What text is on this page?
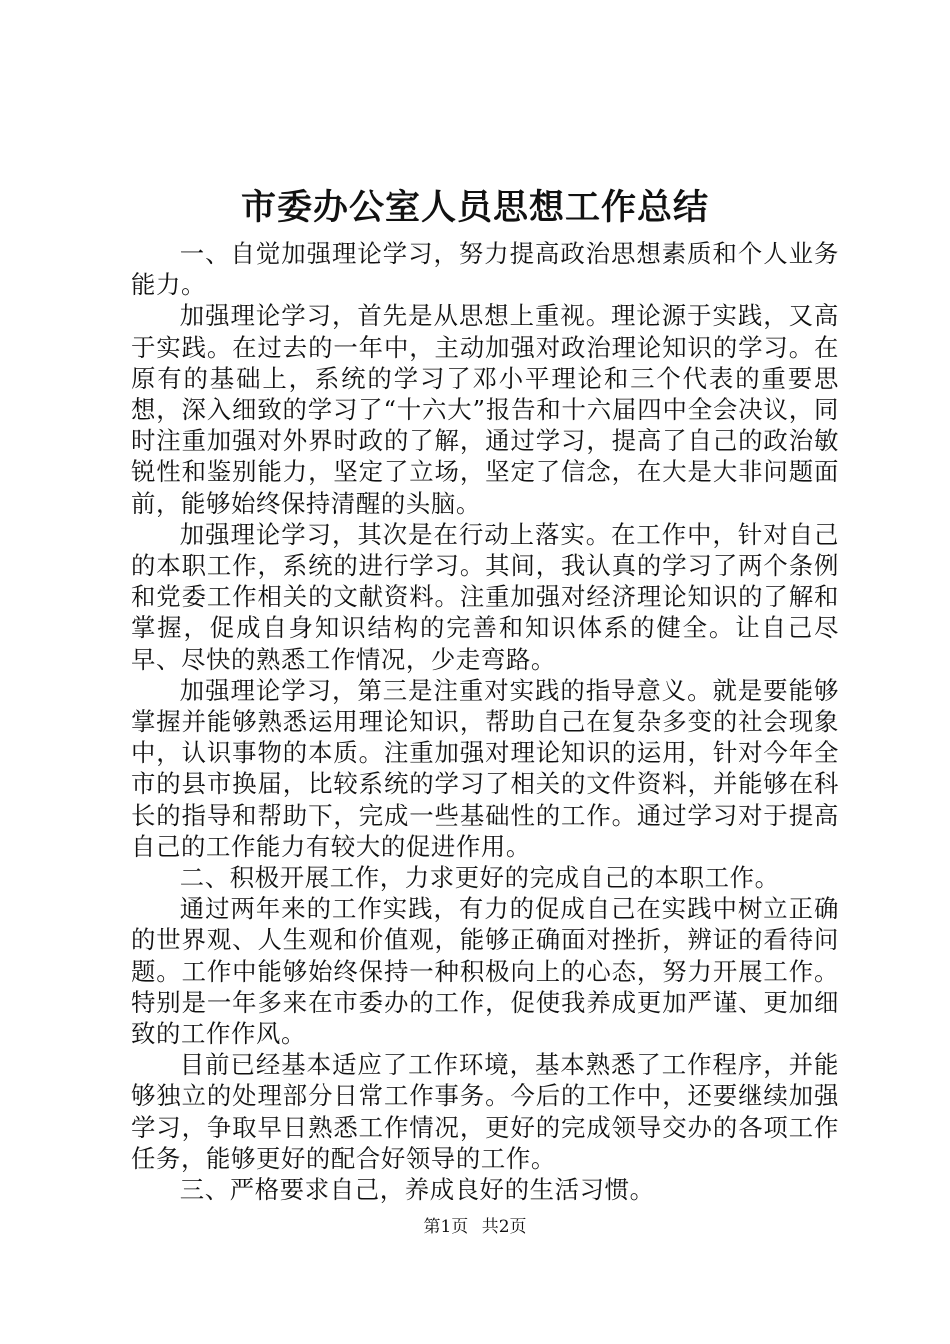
市委办公室人员思想工作总结

一、自觉加强理论学习，努力提高政治思想素质和个人业务能力。

加强理论学习，首先是从思想上重视。理论源于实践，又高于实践。在过去的一年中，主动加强对政治理论知识的学习。在原有的基础上，系统的学习了邓小平理论和三个代表的重要思想，深入细致的学习了“十六大”报告和十六届四中全会决议，同时注重加强对外界时政的了解，通过学习，提高了自己的政治敏锐性和鉴别能力，坚定了立场，坚定了信念，在大是大非问题面前，能够始终保持清醒的头脑。

加强理论学习，其次是在行动上落实。在工作中，针对自己的本职工作，系统的进行学习。其间，我认真的学习了两个条例和党委工作相关的文献资料。注重加强对经济理论知识的了解和掌握，促成自身知识结构的完善和知识体系的健全。让自己尽早、尽快的熟悉工作情况，少走弯路。

加强理论学习，第三是注重对实践的指导意义。就是要能够掌握并能够熟悉运用理论知识，帮助自己在复杂多变的社会现象中，认识事物的本质。注重加强对理论知识的运用，针对今年全市的县市换届，比较系统的学习了相关的文件资料，并能够在科长的指导和帮助下，完成一些基础性的工作。通过学习对于提高自己的工作能力有较大的促进作用。

二、积极开展工作，力求更好的完成自己的本职工作。

通过两年来的工作实践，有力的促成自己在实践中树立正确的世界观、人生观和价值观，能够正确面对挫折，辨证的看待问题。工作中能够始终保持一种积极向上的心态，努力开展工作。特别是一年多来在市委办的工作，促使我养成更加严谨、更加细致的工作作风。

目前已经基本适应了工作环境，基本熟悉了工作程序，并能够独立的处理部分日常工作事务。今后的工作中，还要继续加强学习，争取早日熟悉工作情况，更好的完成领导交办的各项工作任务，能够更好的配合好领导的工作。

三、严格要求自己，养成良好的生活习惯。

第1页 共2页
